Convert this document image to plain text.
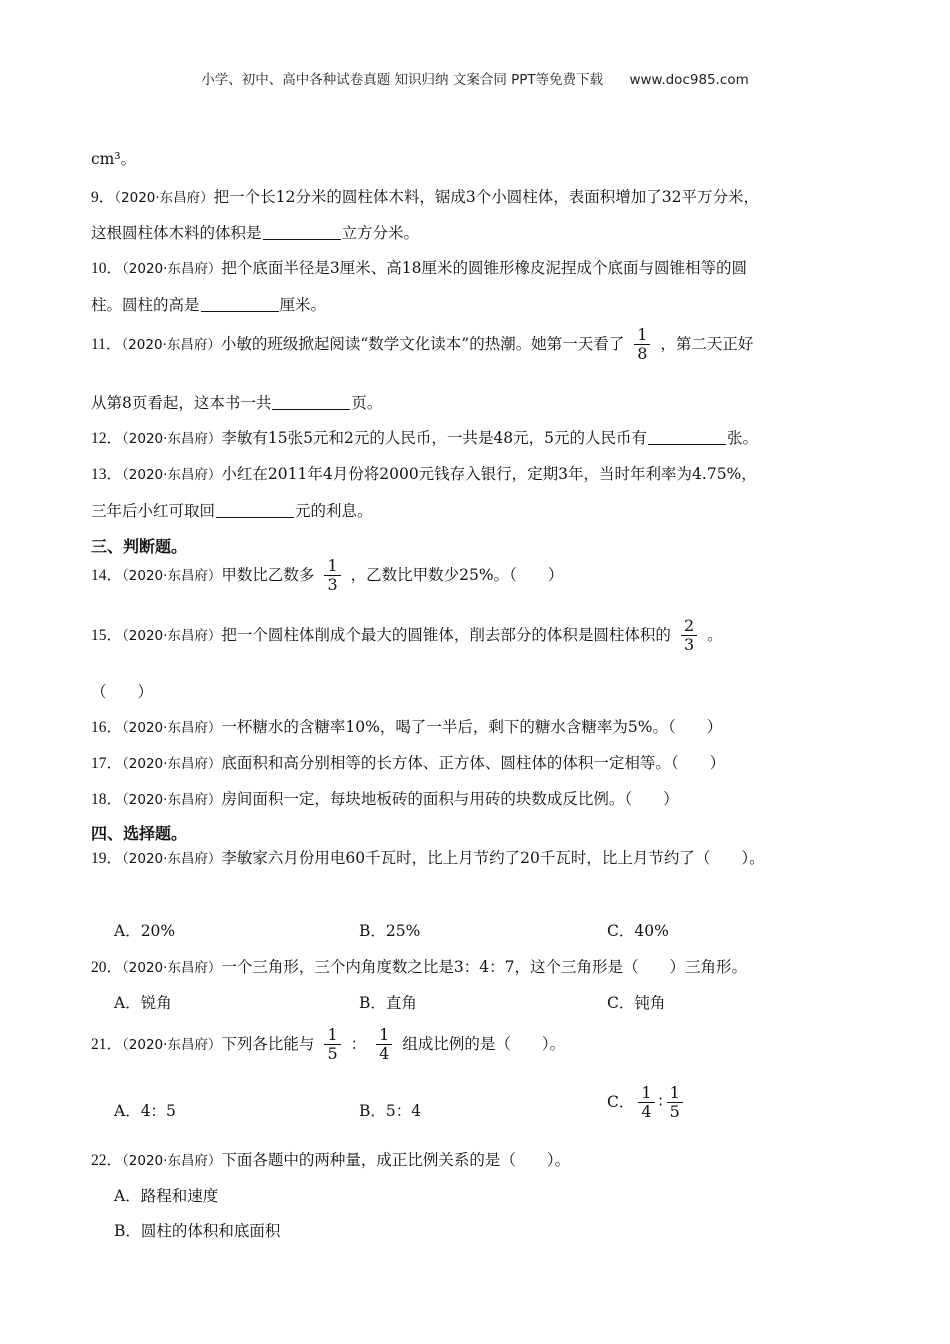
小学、初中、高中各种试卷真题 知识归纳 文案合同 PPT等免费下载 www.doc985.com
cm³。
9．（2020·东昌府）把一个长12分米的圆柱体木料，锯成3个小圆柱体，表面积增加了32平万分米，
这根圆柱体木料的体积是	立方分米。
10．（2020·东昌府）把个底面半径是3厘米、高18厘米的圆锥形橡皮泥捏成个底面与圆锥相等的圆
柱。圆柱的高是	厘米。
11．（2020·东昌府）小敏的班级掀起阅读“数学文化读本”的热潮。她第一天看了 $\frac{1}{8}$ ，第二天正好
从第8页看起，这本书一共	页。
12．（2020·东昌府）李敏有15张5元和2元的人民币，一共是48元，5元的人民币有	张。
13．（2020·东昌府）小红在2011年4月份将2000元钱存入银行，定期3年，当时年利率为4.75%，
三年后小红可取回	元的利息。
三、判断题。
14．（2020·东昌府）甲数比乙数多 $\frac{1}{3}$ ，乙数比甲数少25%。（　　）
15．（2020·东昌府）把一个圆柱体削成个最大的圆锥体，削去部分的体积是圆柱体积的 $\frac{2}{3}$ 。
（　　）
16．（2020·东昌府）一杯糖水的含糖率10%，喝了一半后，剩下的糖水含糖率为5%。（　　）
17．（2020·东昌府）底面积和高分别相等的长方体、正方体、圆柱体的体积一定相等。（　　）
18．（2020·东昌府）房间面积一定，每块地板砖的面积与用砖的块数成反比例。（　　）
四、选择题。
19．（2020·东昌府）李敏家六月份用电60千瓦时，比上月节约了20千瓦时，比上月节约了（　　）。
A．20%	B．25%	C．40%
20．（2020·东昌府）一个三角形，三个内角度数之比是3：4：7，这个三角形是（　　）三角形。
A．锐角	B．直角	C．钝角
21．（2020·东昌府）下列各比能与 $\frac{1}{5}$ ： $\frac{1}{4}$ 组成比例的是（　　）。
A．4：5	B．5：4
C． $\frac{1}{4}$ ∶ $\frac{1}{5}$
22．（2020·东昌府）下面各题中的两种量，成正比例关系的是（　　）。
A．路程和速度
B．圆柱的体积和底面积
